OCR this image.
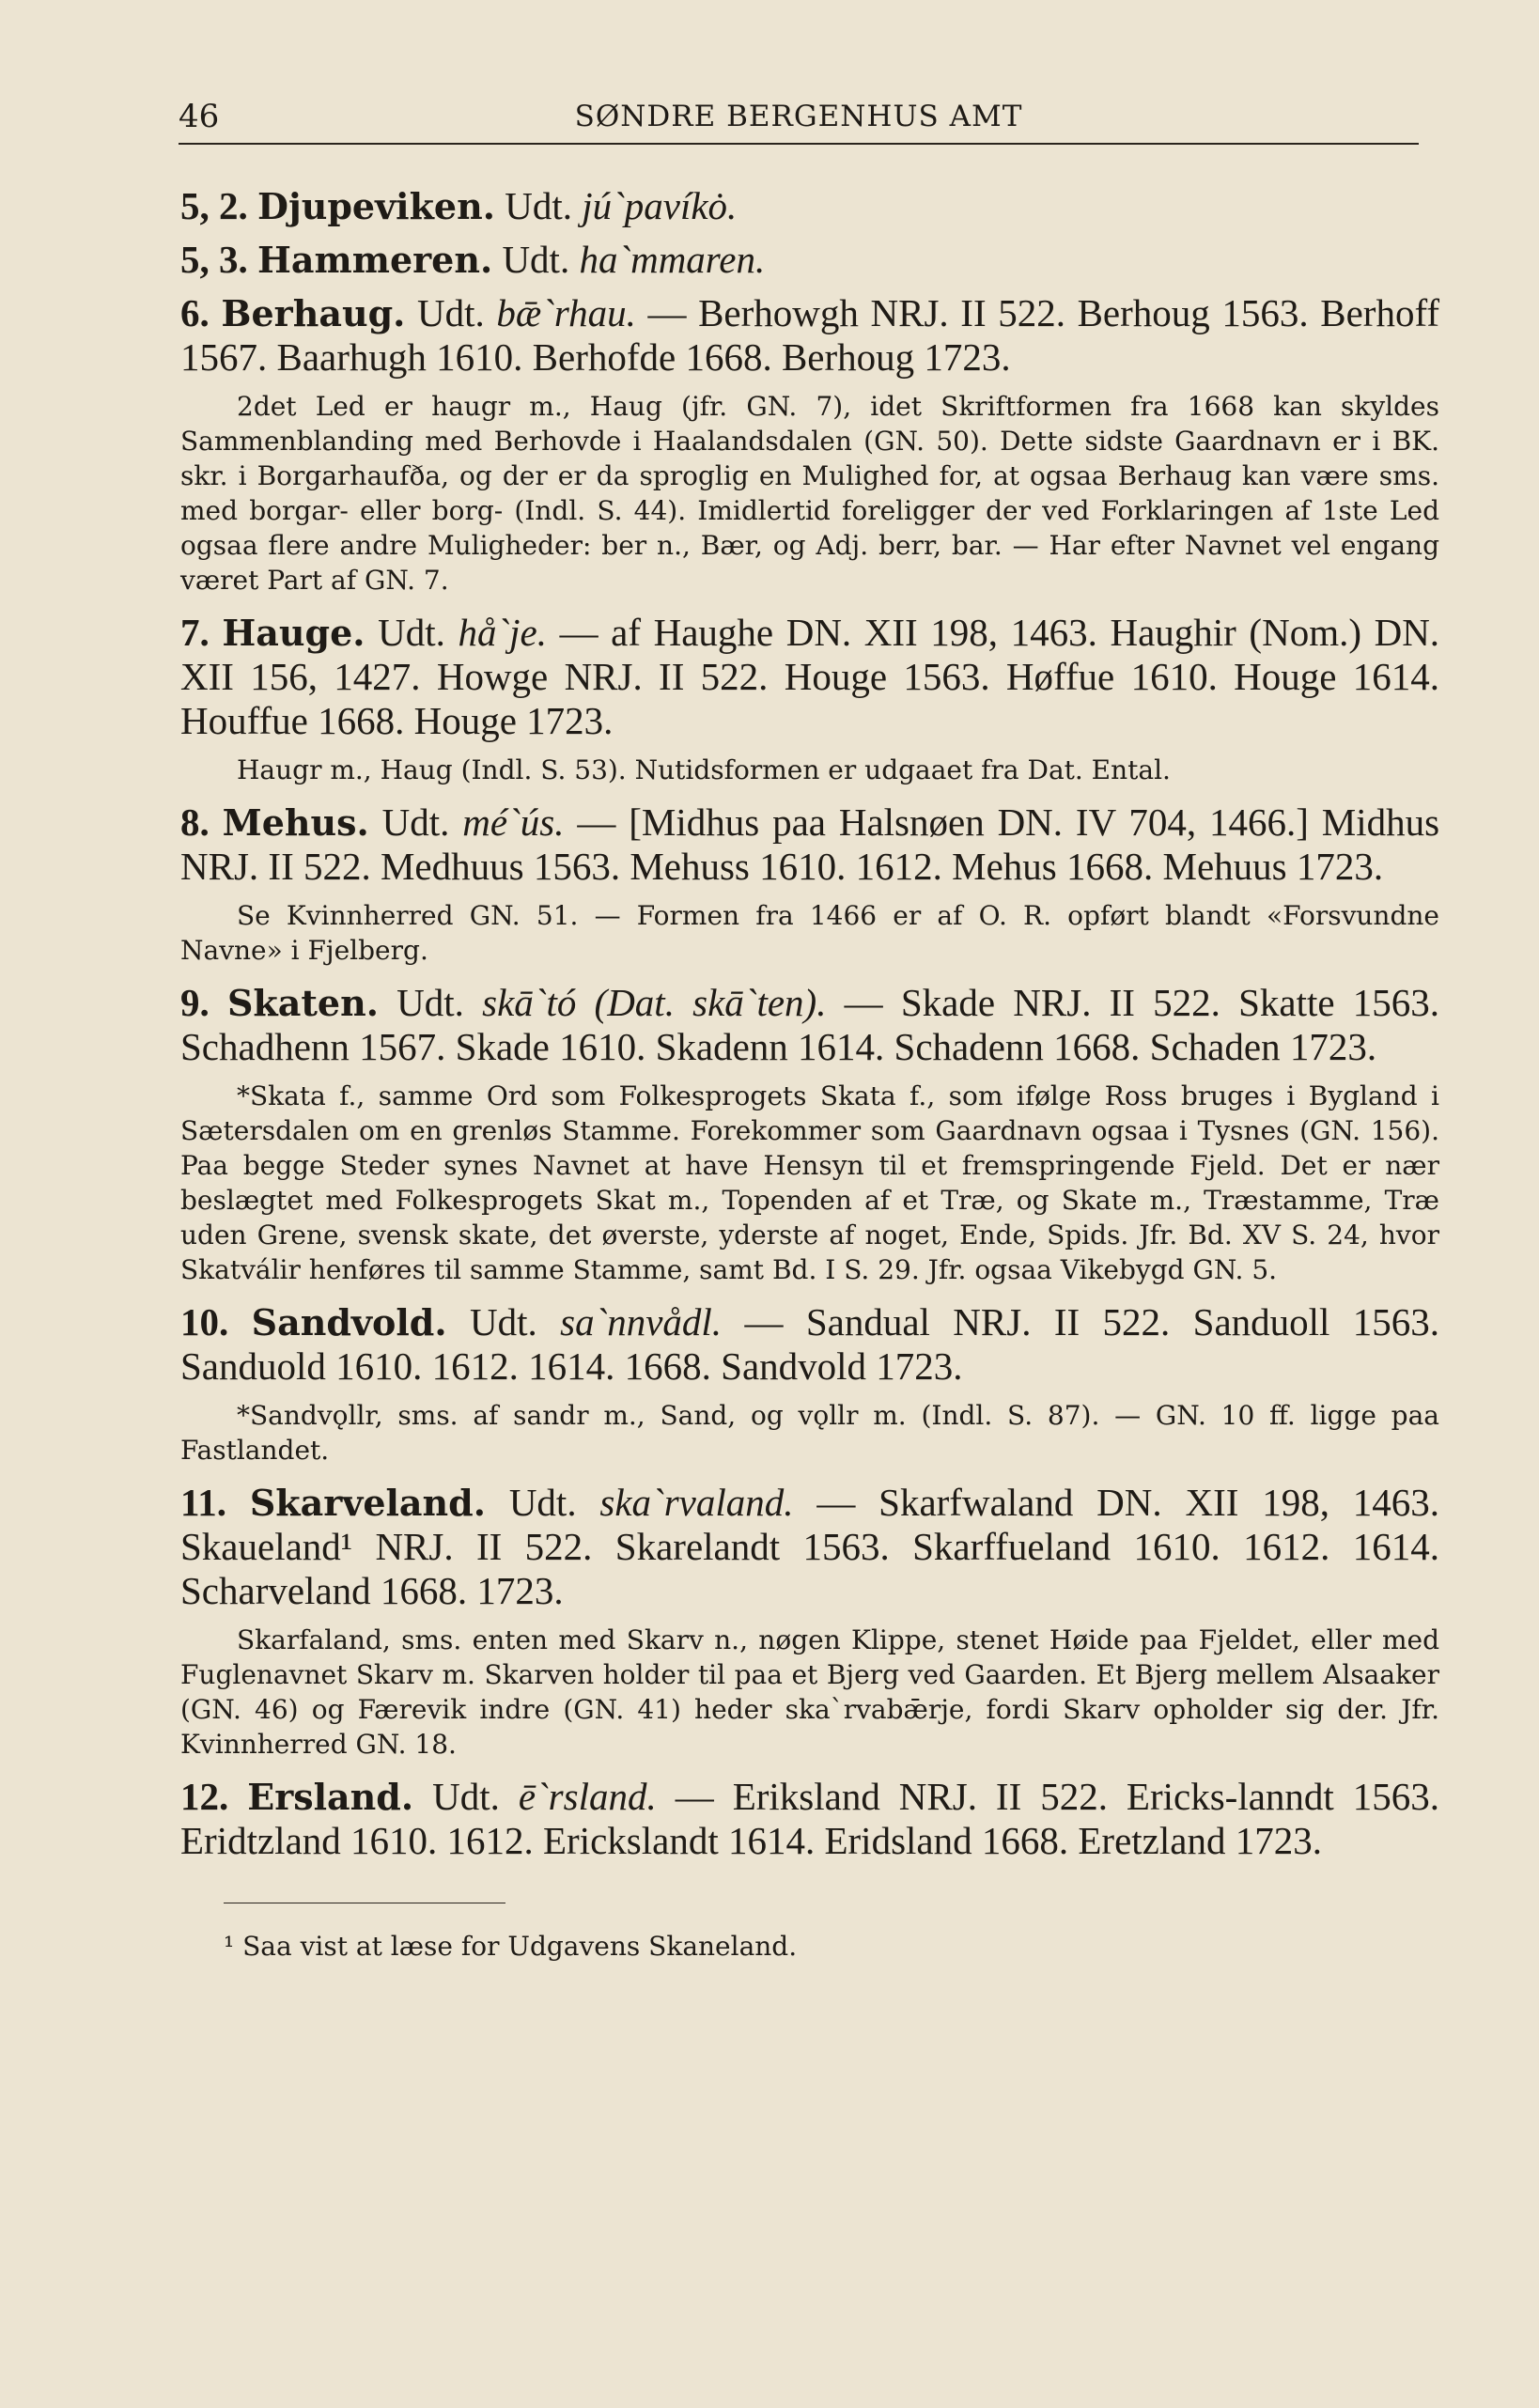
46	SØNDRE BERGENHUS AMT

5, 2. Djupeviken. Udt. jú`pavíkȯ.

5, 3. Hammeren. Udt. ha`mmaren.

6. Berhaug. Udt. bǣ`rhau. — Berhowgh NRJ. II 522. Berhoug 1563. Berhoff 1567. Baarhugh 1610. Berhofde 1668. Berhoug 1723.

2det Led er haugr m., Haug (jfr. GN. 7), idet Skriftformen fra 1668 kan skyldes Sammenblanding med Berhovde i Haalandsdalen (GN. 50). Dette sidste Gaardnavn er i BK. skr. i Borgarhaufða, og der er da sproglig en Mulighed for, at ogsaa Berhaug kan være sms. med borgar- eller borg- (Indl. S. 44). Imidlertid foreligger der ved Forklaringen af 1ste Led ogsaa flere andre Muligheder: ber n., Bær, og Adj. berr, bar. — Har efter Navnet vel engang været Part af GN. 7.

7. Hauge. Udt. hå`je. — af Haughe DN. XII 198, 1463. Haughir (Nom.) DN. XII 156, 1427. Howge NRJ. II 522. Houge 1563. Høffue 1610. Houge 1614. Houffue 1668. Houge 1723.

Haugr m., Haug (Indl. S. 53). Nutidsformen er udgaaet fra Dat. Ental.

8. Mehus. Udt. mé`ús. — [Midhus paa Halsnøen DN. IV 704, 1466.] Midhus NRJ. II 522. Medhuus 1563. Mehuss 1610. 1612. Mehus 1668. Mehuus 1723.

Se Kvinnherred GN. 51. — Formen fra 1466 er af O. R. opført blandt «Forsvundne Navne» i Fjelberg.

9. Skaten. Udt. skā`tó (Dat. skā`ten). — Skade NRJ. II 522. Skatte 1563. Schadhenn 1567. Skade 1610. Skadenn 1614. Schadenn 1668. Schaden 1723.

*Skata f., samme Ord som Folkesprogets Skata f., som ifølge Ross bruges i Bygland i Sætersdalen om en grenløs Stamme. Forekommer som Gaardnavn ogsaa i Tysnes (GN. 156). Paa begge Steder synes Navnet at have Hensyn til et fremspringende Fjeld. Det er nær beslægtet med Folkesprogets Skat m., Topenden af et Træ, og Skate m., Træstamme, Træ uden Grene, svensk skate, det øverste, yderste af noget, Ende, Spids. Jfr. Bd. XV S. 24, hvor Skatválir henføres til samme Stamme, samt Bd. I S. 29. Jfr. ogsaa Vikebygd GN. 5.

10. Sandvold. Udt. sa`nnvådl. — Sandual NRJ. II 522. Sanduoll 1563. Sanduold 1610. 1612. 1614. 1668. Sandvold 1723.

*Sandvǫllr, sms. af sandr m., Sand, og vǫllr m. (Indl. S. 87). — GN. 10 ff. ligge paa Fastlandet.

11. Skarveland. Udt. ska`rvaland. — Skarfwaland DN. XII 198, 1463. Skaueland¹ NRJ. II 522. Skarelandt 1563. Skarffueland 1610. 1612. 1614. Scharveland 1668. 1723.

Skarfaland, sms. enten med Skarv n., nøgen Klippe, stenet Høide paa Fjeldet, eller med Fuglenavnet Skarv m. Skarven holder til paa et Bjerg ved Gaarden. Et Bjerg mellem Alsaaker (GN. 46) og Færevik indre (GN. 41) heder ska`rvabǣrje, fordi Skarv opholder sig der. Jfr. Kvinnherred GN. 18.

12. Ersland. Udt. ē`rsland. — Eriksland NRJ. II 522. Ericks-lanndt 1563. Eridtzland 1610. 1612. Erickslandt 1614. Eridsland 1668. Eretzland 1723.

¹ Saa vist at læse for Udgavens Skaneland.
